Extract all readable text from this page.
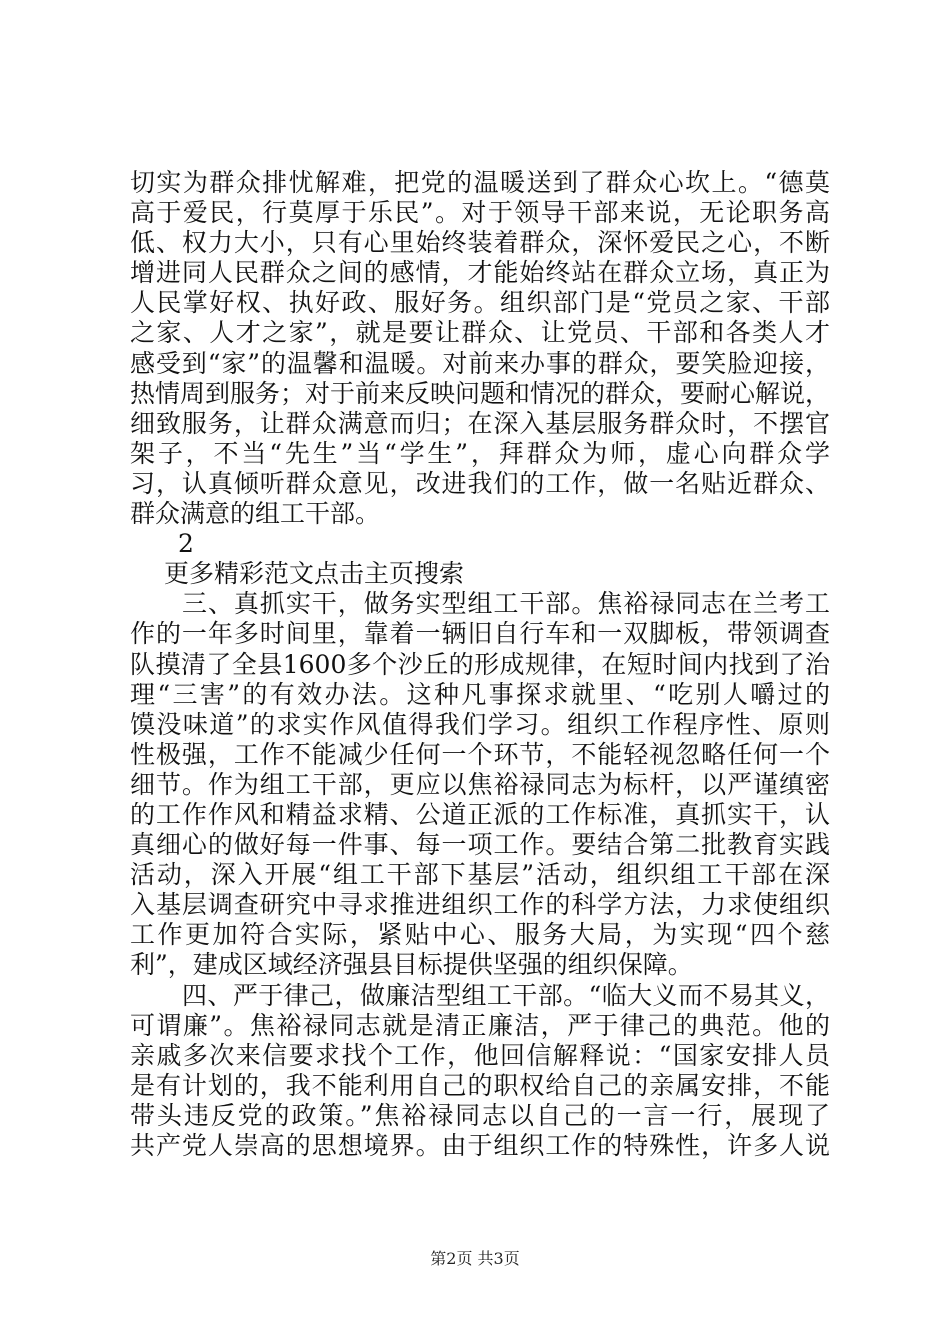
切实为群众排忧解难，把党的温暖送到了群众心坎上。“德莫
高于爱民，行莫厚于乐民”。对于领导干部来说，无论职务高
低、权力大小，只有心里始终装着群众，深怀爱民之心，不断
增进同人民群众之间的感情，才能始终站在群众立场，真正为
人民掌好权、执好政、服好务。组织部门是“党员之家、干部
之家、人才之家”，就是要让群众、让党员、干部和各类人才
感受到“家”的温馨和温暖。对前来办事的群众，要笑脸迎接，
热情周到服务；对于前来反映问题和情况的群众，要耐心解说，
细致服务，让群众满意而归；在深入基层服务群众时，不摆官
架子，不当“先生”当“学生”，拜群众为师，虚心向群众学
习，认真倾听群众意见，改进我们的工作，做一名贴近群众、
群众满意的组工干部。
2
更多精彩范文点击主页搜索
三、真抓实干，做务实型组工干部。焦裕禄同志在兰考工
作的一年多时间里，靠着一辆旧自行车和一双脚板，带领调查
队摸清了全县1600多个沙丘的形成规律，在短时间内找到了治
理“三害”的有效办法。这种凡事探求就里、“吃别人嚼过的
馍没味道”的求实作风值得我们学习。组织工作程序性、原则
性极强，工作不能减少任何一个环节，不能轻视忽略任何一个
细节。作为组工干部，更应以焦裕禄同志为标杆，以严谨缜密
的工作作风和精益求精、公道正派的工作标准，真抓实干，认
真细心的做好每一件事、每一项工作。要结合第二批教育实践
活动，深入开展“组工干部下基层”活动，组织组工干部在深
入基层调查研究中寻求推进组织工作的科学方法，力求使组织
工作更加符合实际，紧贴中心、服务大局，为实现“四个慈
利”，建成区域经济强县目标提供坚强的组织保障。
四、严于律己，做廉洁型组工干部。“临大义而不易其义，
可谓廉”。焦裕禄同志就是清正廉洁，严于律己的典范。他的
亲戚多次来信要求找个工作，他回信解释说：“国家安排人员
是有计划的，我不能利用自己的职权给自己的亲属安排，不能
带头违反党的政策。”焦裕禄同志以自己的一言一行，展现了
共产党人崇高的思想境界。由于组织工作的特殊性，许多人说
第2页 共3页
